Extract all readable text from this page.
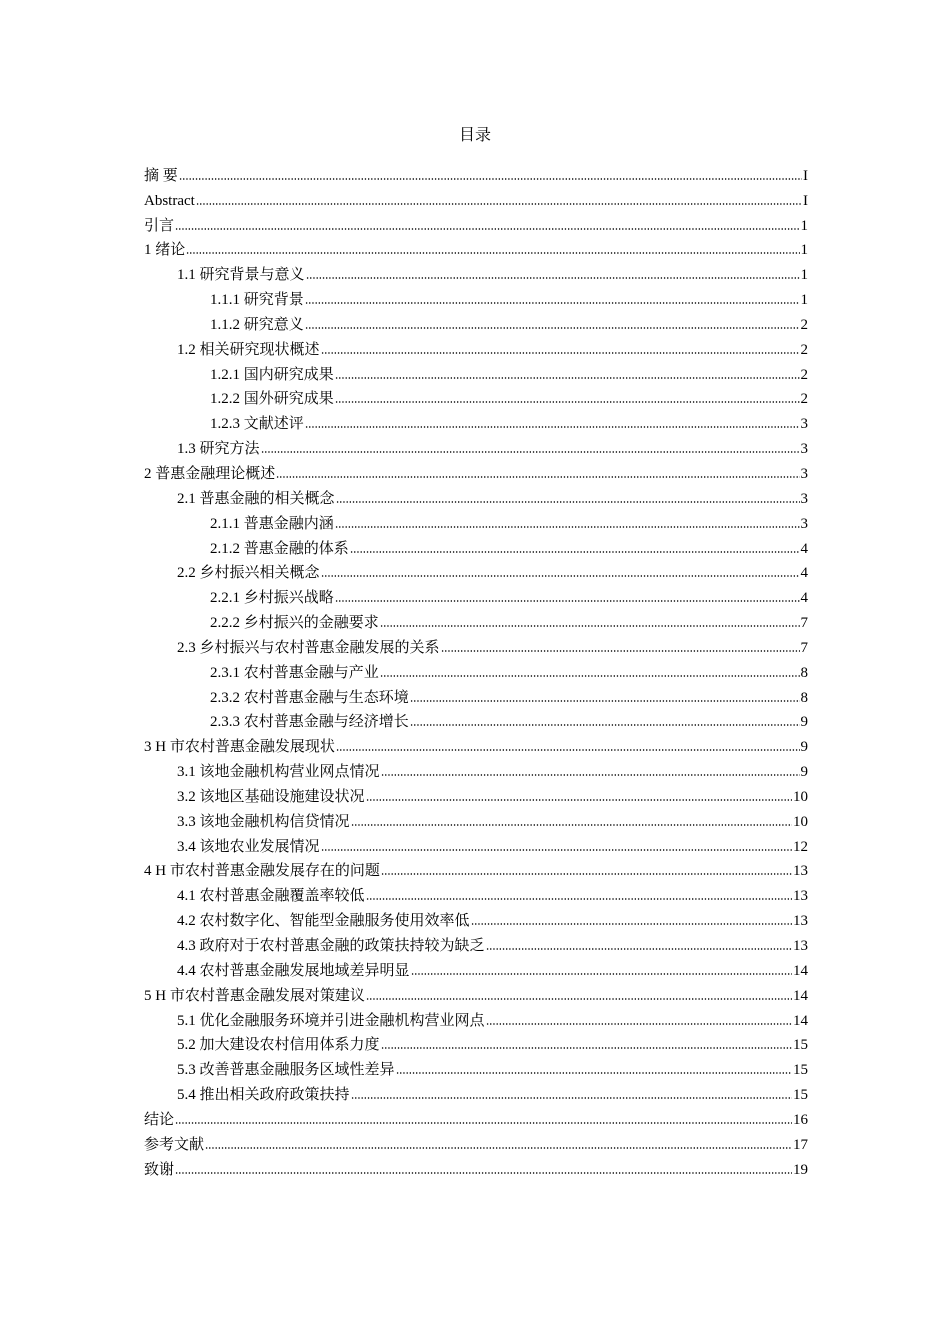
目录
摘 要	I
Abstract	I
引言	1
1 绪论	1
1.1 研究背景与意义	1
1.1.1 研究背景	1
1.1.2 研究意义	2
1.2 相关研究现状概述	2
1.2.1 国内研究成果	2
1.2.2 国外研究成果	2
1.2.3 文献述评	3
1.3 研究方法	3
2 普惠金融理论概述	3
2.1 普惠金融的相关概念	3
2.1.1 普惠金融内涵	3
2.1.2 普惠金融的体系	4
2.2 乡村振兴相关概念	4
2.2.1 乡村振兴战略	4
2.2.2 乡村振兴的金融要求	7
2.3 乡村振兴与农村普惠金融发展的关系	7
2.3.1 农村普惠金融与产业	8
2.3.2 农村普惠金融与生态环境	8
2.3.3 农村普惠金融与经济增长	9
3 H 市农村普惠金融发展现状	9
3.1 该地金融机构营业网点情况	9
3.2 该地区基础设施建设状况	10
3.3 该地金融机构信贷情况	10
3.4 该地农业发展情况	12
4 H 市农村普惠金融发展存在的问题	13
4.1 农村普惠金融覆盖率较低	13
4.2 农村数字化、智能型金融服务使用效率低	13
4.3 政府对于农村普惠金融的政策扶持较为缺乏	13
4.4 农村普惠金融发展地域差异明显	14
5 H 市农村普惠金融发展对策建议	14
5.1 优化金融服务环境并引进金融机构营业网点	14
5.2 加大建设农村信用体系力度	15
5.3 改善普惠金融服务区域性差异	15
5.4 推出相关政府政策扶持	15
结论	16
参考文献	17
致谢	19
